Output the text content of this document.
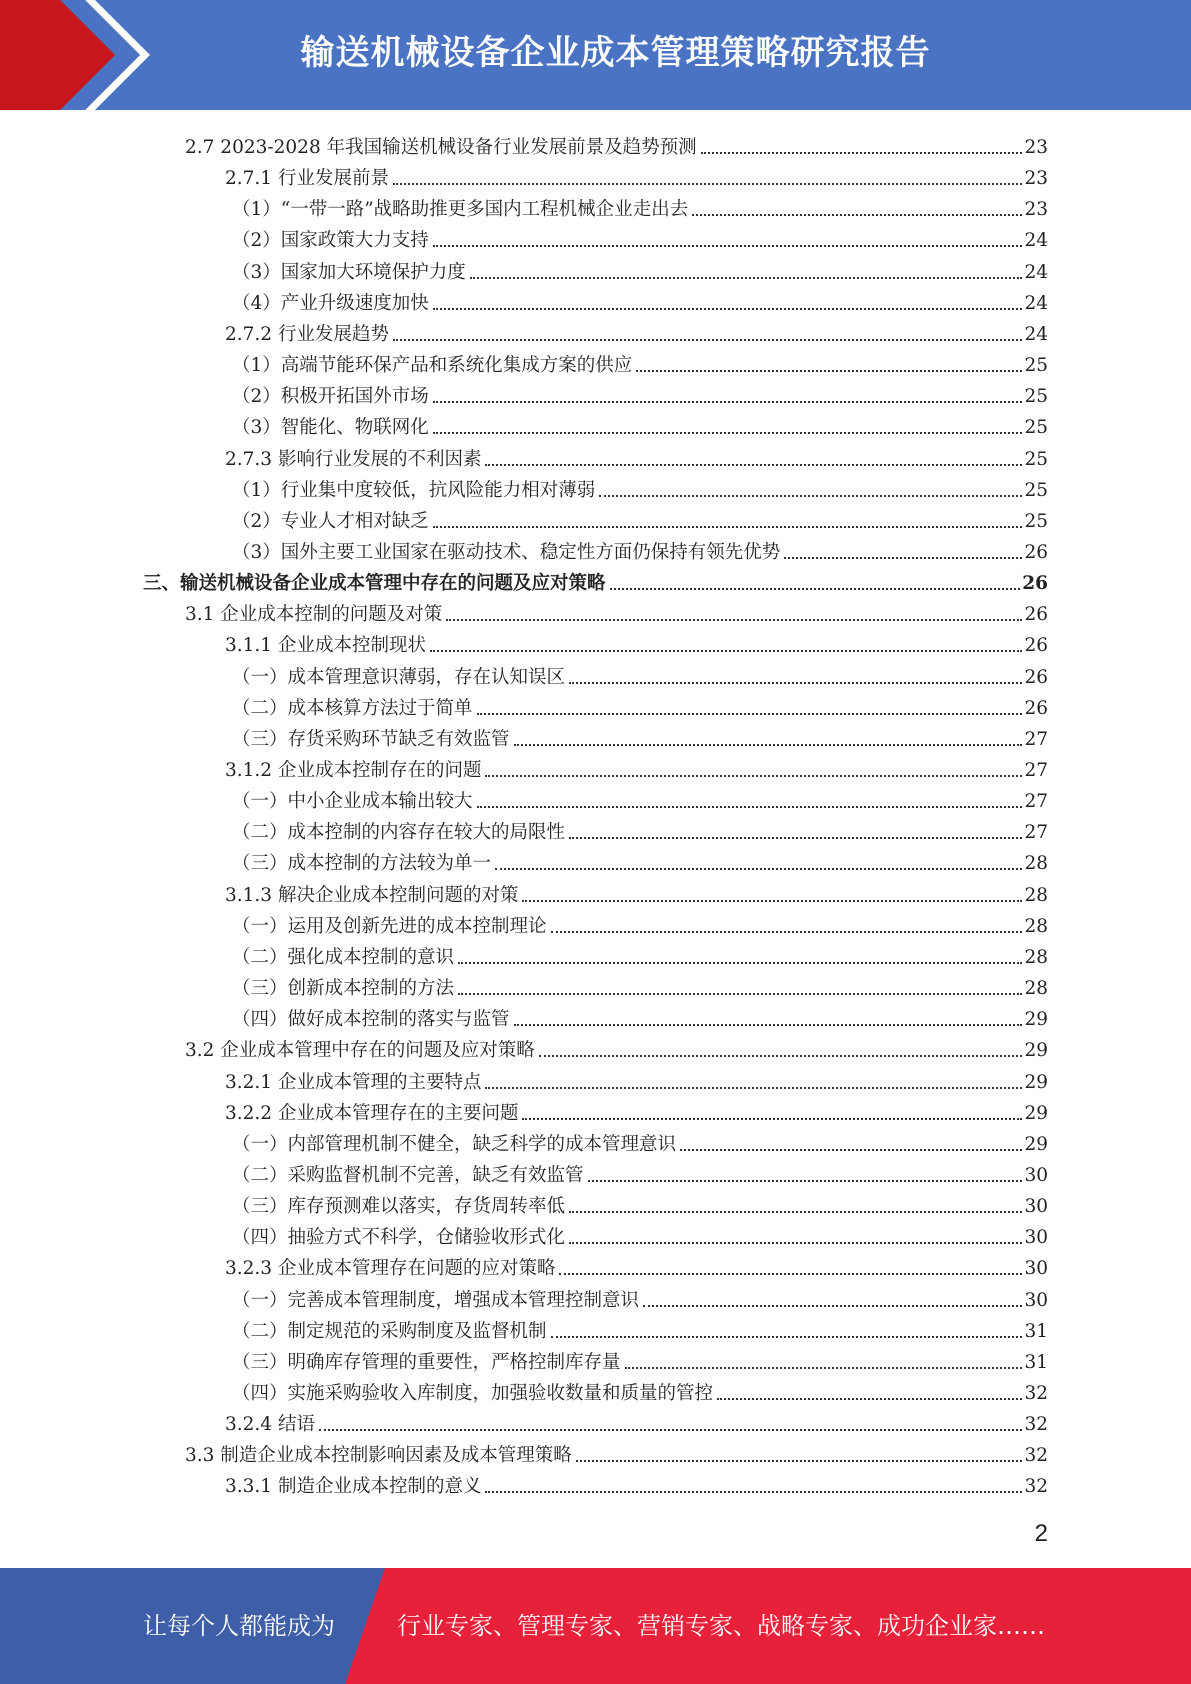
输送机械设备企业成本管理策略研究报告
2.7 2023-2028 年我国输送机械设备行业发展前景及趋势预测	23
2.7.1 行业发展前景	23
（1）“一带一路”战略助推更多国内工程机械企业走出去	23
（2）国家政策大力支持	24
（3）国家加大环境保护力度	24
（4）产业升级速度加快	24
2.7.2 行业发展趋势	24
（1）高端节能环保产品和系统化集成方案的供应	25
（2）积极开拓国外市场	25
（3）智能化、物联网化	25
2.7.3 影响行业发展的不利因素	25
（1）行业集中度较低，抗风险能力相对薄弱	25
（2）专业人才相对缺乏	25
（3）国外主要工业国家在驱动技术、稳定性方面仍保持有领先优势	26
三、输送机械设备企业成本管理中存在的问题及应对策略	26
3.1 企业成本控制的问题及对策	26
3.1.1 企业成本控制现状	26
（一）成本管理意识薄弱，存在认知误区	26
（二）成本核算方法过于简单	26
（三）存货采购环节缺乏有效监管	27
3.1.2 企业成本控制存在的问题	27
（一）中小企业成本输出较大	27
（二）成本控制的内容存在较大的局限性	27
（三）成本控制的方法较为单一	28
3.1.3 解决企业成本控制问题的对策	28
（一）运用及创新先进的成本控制理论	28
（二）强化成本控制的意识	28
（三）创新成本控制的方法	28
（四）做好成本控制的落实与监管	29
3.2 企业成本管理中存在的问题及应对策略	29
3.2.1 企业成本管理的主要特点	29
3.2.2 企业成本管理存在的主要问题	29
（一）内部管理机制不健全，缺乏科学的成本管理意识	29
（二）采购监督机制不完善，缺乏有效监管	30
（三）库存预测难以落实，存货周转率低	30
（四）抽验方式不科学，仓储验收形式化	30
3.2.3 企业成本管理存在问题的应对策略	30
（一）完善成本管理制度，增强成本管理控制意识	30
（二）制定规范的采购制度及监督机制	31
（三）明确库存管理的重要性，严格控制库存量	31
（四）实施采购验收入库制度，加强验收数量和质量的管控	32
3.2.4 结语	32
3.3 制造企业成本控制影响因素及成本管理策略	32
3.3.1 制造企业成本控制的意义	32
2
让每个人都能成为	行业专家、管理专家、营销专家、战略专家、成功企业家……
